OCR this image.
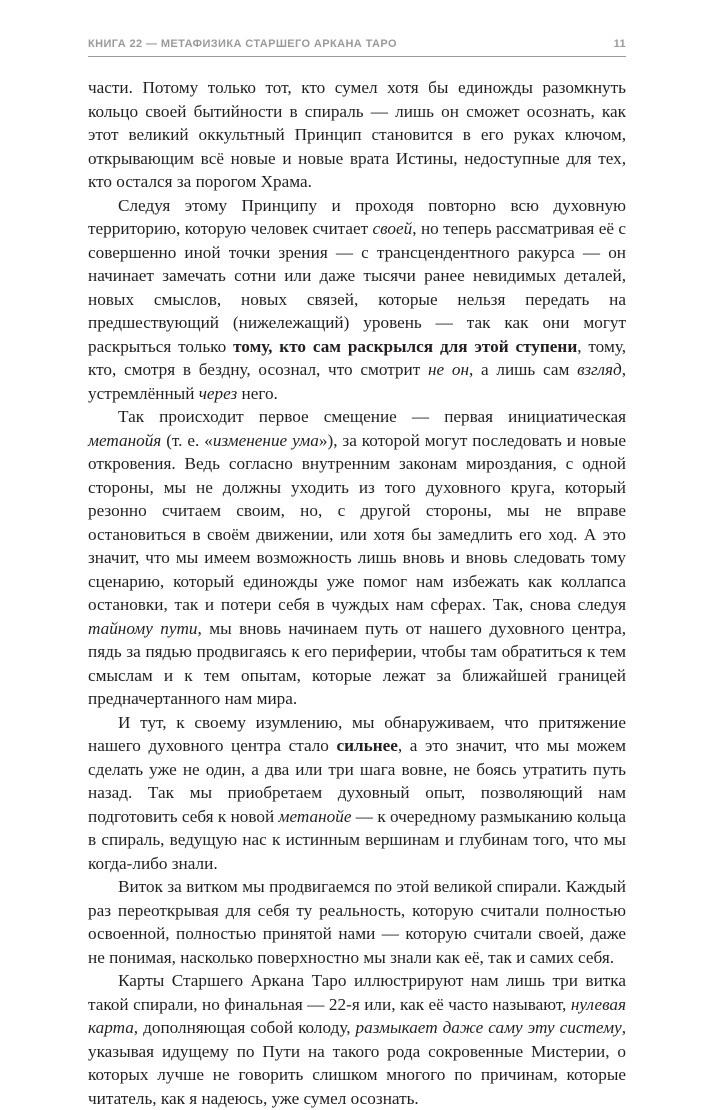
КНИГА 22 — МЕТАФИЗИКА СТАРШЕГО АРКАНА ТАРО	11

части. Потому только тот, кто сумел хотя бы единожды разомкнуть кольцо своей бытийности в спираль — лишь он сможет осознать, как этот великий оккультный Принцип становится в его руках ключом, открывающим всё новые и новые врата Истины, недоступные для тех, кто остался за порогом Храма.

Следуя этому Принципу и проходя повторно всю духовную территорию, которую человек считает своей, но теперь рассматривая её с совершенно иной точки зрения — с трансцендентного ракурса — он начинает замечать сотни или даже тысячи ранее невидимых деталей, новых смыслов, новых связей, которые нельзя передать на предшествующий (нижележащий) уровень — так как они могут раскрыться только тому, кто сам раскрылся для этой ступени, тому, кто, смотря в бездну, осознал, что смотрит не он, а лишь сам взгляд, устремлённый через него.

Так происходит первое смещение — первая инициатическая метанойя (т. е. «изменение ума»), за которой могут последовать и новые откровения. Ведь согласно внутренним законам мироздания, с одной стороны, мы не должны уходить из того духовного круга, который резонно считаем своим, но, с другой стороны, мы не вправе остановиться в своём движении, или хотя бы замедлить его ход. А это значит, что мы имеем возможность лишь вновь и вновь следовать тому сценарию, который единожды уже помог нам избежать как коллапса остановки, так и потери себя в чуждых нам сферах. Так, снова следуя тайному пути, мы вновь начинаем путь от нашего духовного центра, пядь за пядью продвигаясь к его периферии, чтобы там обратиться к тем смыслам и к тем опытам, которые лежат за ближайшей границей предначертанного нам мира.

И тут, к своему изумлению, мы обнаруживаем, что притяжение нашего духовного центра стало сильнее, а это значит, что мы можем сделать уже не один, а два или три шага вовне, не боясь утратить путь назад. Так мы приобретаем духовный опыт, позволяющий нам подготовить себя к новой метанойе — к очередному размыканию кольца в спираль, ведущую нас к истинным вершинам и глубинам того, что мы когда-либо знали.

Виток за витком мы продвигаемся по этой великой спирали. Каждый раз переоткрывая для себя ту реальность, которую считали полностью освоенной, полностью принятой нами — которую считали своей, даже не понимая, насколько поверхностно мы знали как её, так и самих себя.

Карты Старшего Аркана Таро иллюстрируют нам лишь три витка такой спирали, но финальная — 22-я или, как её часто называют, нулевая карта, дополняющая собой колоду, размыкает даже саму эту систему, указывая идущему по Пути на такого рода сокровенные Мистерии, о которых лучше не говорить слишком многого по причинам, которые читатель, как я надеюсь, уже сумел осознать.
